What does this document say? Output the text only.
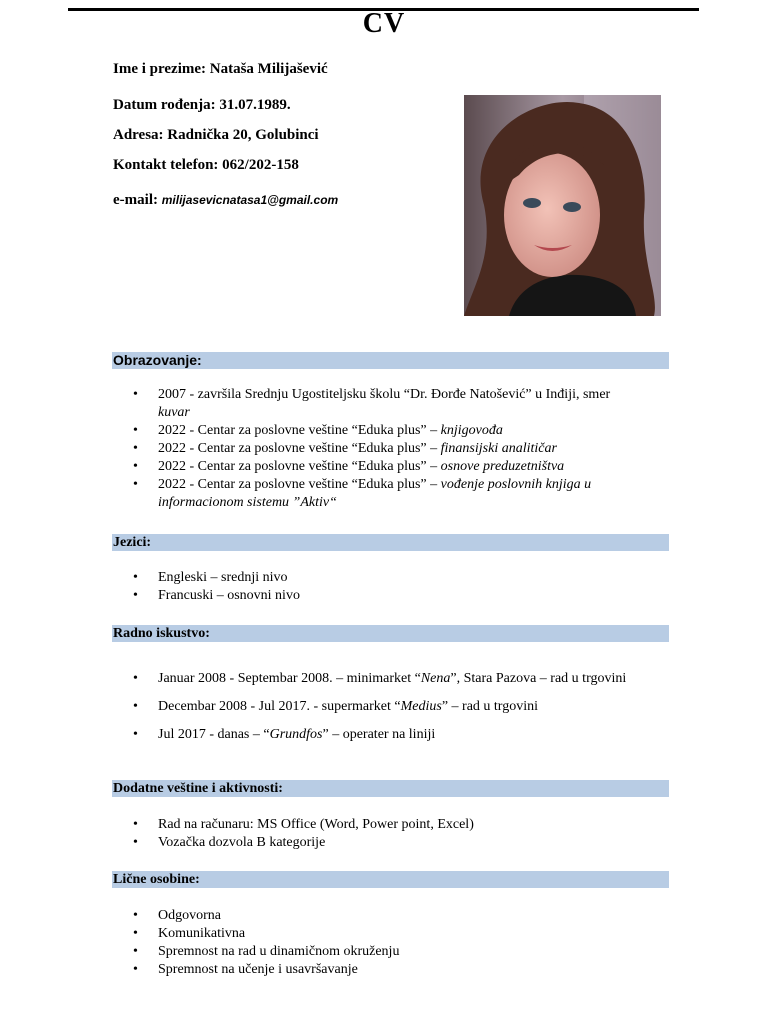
CV
Ime i prezime: Nataša Milijašević
Datum rođenja: 31.07.1989.
Adresa: Radnička 20, Golubinci
Kontakt telefon: 062/202-158
e-mail: milijasevicnatasa1@gmail.com
Obrazovanje:
• 2007 - završila Srednju Ugostiteljsku školu “Dr. Đorđe Natošević” u Inđiji, smer
kuvar
• 2022 - Centar za poslovne veštine “Eduka plus” – knjigovođa
• 2022 - Centar za poslovne veštine “Eduka plus” – finansijski analitičar
• 2022 - Centar za poslovne veštine “Eduka plus” – osnove preduzetništva
• 2022 - Centar za poslovne veštine “Eduka plus” – vođenje poslovnih knjiga u informacionom sistemu ”Aktiv“
Jezici:
• Engleski – srednji nivo
• Francuski – osnovni nivo
Radno iskustvo:
• Januar 2008 - Septembar 2008. – minimarket “Nena”, Stara Pazova – rad u trgovini
• Decembar 2008 - Jul 2017. - supermarket “Medius” – rad u trgovini
• Jul 2017 - danas – “Grundfos” – operater na liniji
Dodatne veštine i aktivnosti:
• Rad na računaru: MS Office (Word, Power point, Excel)
• Vozačka dozvola B kategorije
Lične osobine:
• Odgovorna
• Komunikativna
• Spremnost na rad u dinamičnom okruženju
• Spremnost na učenje i usavršavanje
